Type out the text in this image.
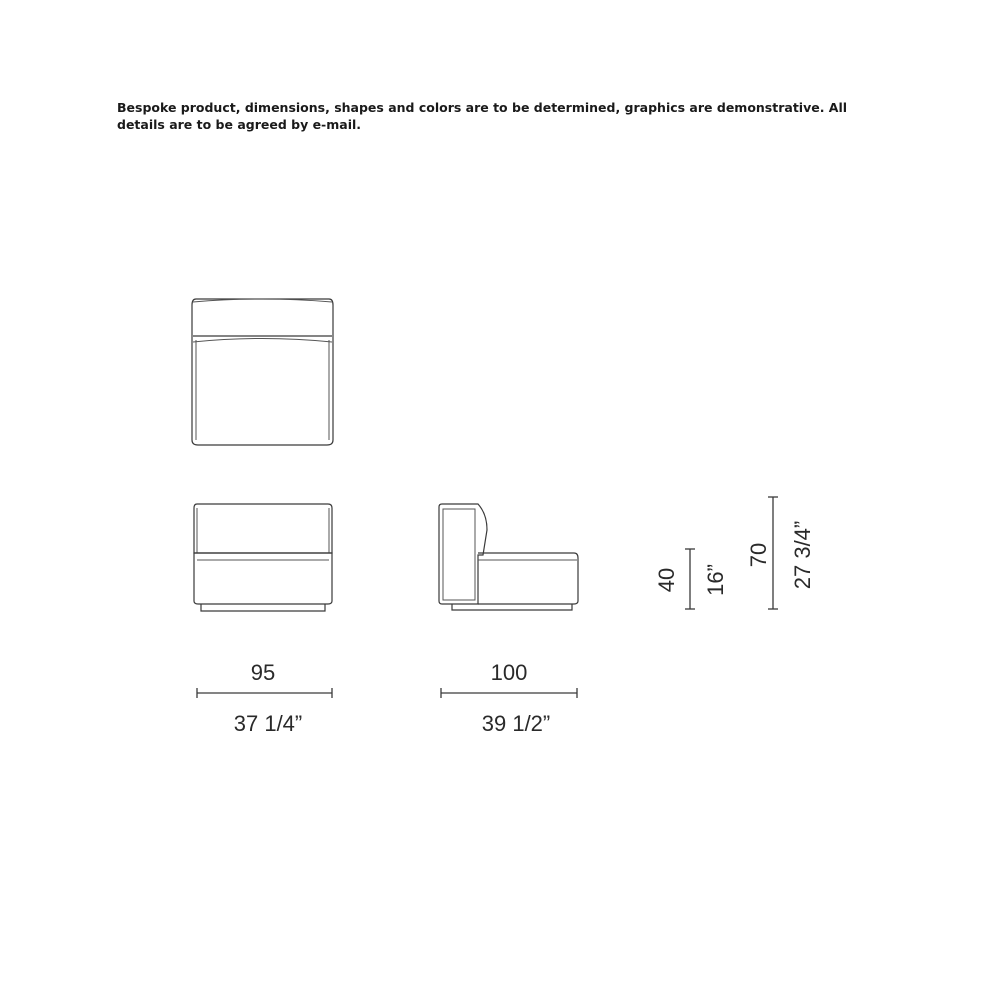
Bespoke product, dimensions, shapes and colors are to be determined, graphics are demonstrative. All details are to be agreed by e-mail.

95
37 1/4”
100
39 1/2”
40 16”
70 27 3/4”
